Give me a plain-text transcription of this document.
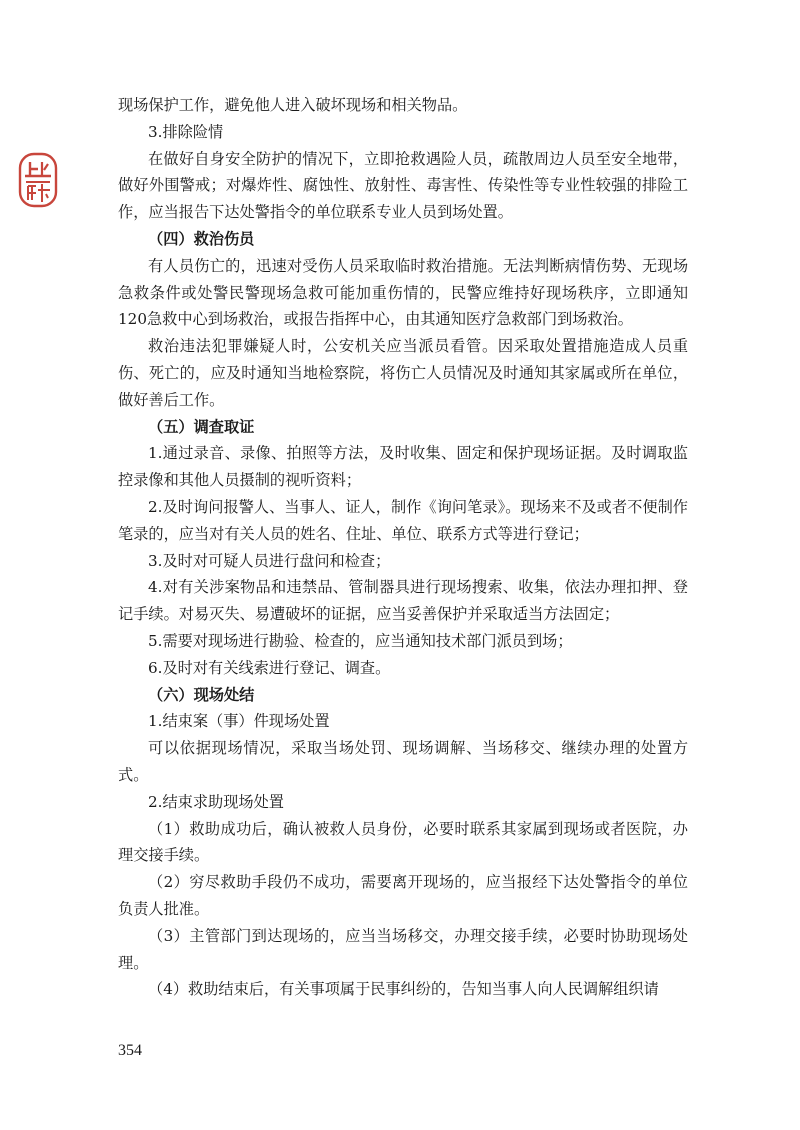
现场保护工作，避免他人进入破坏现场和相关物品。

3.排除险情

在做好自身安全防护的情况下，立即抢救遇险人员，疏散周边人员至安全地带，做好外围警戒；对爆炸性、腐蚀性、放射性、毒害性、传染性等专业性较强的排险工作，应当报告下达处警指令的单位联系专业人员到场处置。

（四）救治伤员

有人员伤亡的，迅速对受伤人员采取临时救治措施。无法判断病情伤势、无现场急救条件或处警民警现场急救可能加重伤情的，民警应维持好现场秩序，立即通知120急救中心到场救治，或报告指挥中心，由其通知医疗急救部门到场救治。

救治违法犯罪嫌疑人时，公安机关应当派员看管。因采取处置措施造成人员重伤、死亡的，应及时通知当地检察院，将伤亡人员情况及时通知其家属或所在单位，做好善后工作。

（五）调查取证

1.通过录音、录像、拍照等方法，及时收集、固定和保护现场证据。及时调取监控录像和其他人员摄制的视听资料；

2.及时询问报警人、当事人、证人，制作《询问笔录》。现场来不及或者不便制作笔录的，应当对有关人员的姓名、住址、单位、联系方式等进行登记；

3.及时对可疑人员进行盘问和检查；

4.对有关涉案物品和违禁品、管制器具进行现场搜索、收集，依法办理扣押、登记手续。对易灭失、易遭破坏的证据，应当妥善保护并采取适当方法固定；

5.需要对现场进行勘验、检查的，应当通知技术部门派员到场；

6.及时对有关线索进行登记、调查。

（六）现场处结

1.结束案（事）件现场处置

可以依据现场情况，采取当场处罚、现场调解、当场移交、继续办理的处置方式。

2.结束求助现场处置

（1）救助成功后，确认被救人员身份，必要时联系其家属到现场或者医院，办理交接手续。

（2）穷尽救助手段仍不成功，需要离开现场的，应当报经下达处警指令的单位负责人批准。

（3）主管部门到达现场的，应当当场移交，办理交接手续，必要时协助现场处理。

（4）救助结束后，有关事项属于民事纠纷的，告知当事人向人民调解组织请

354
